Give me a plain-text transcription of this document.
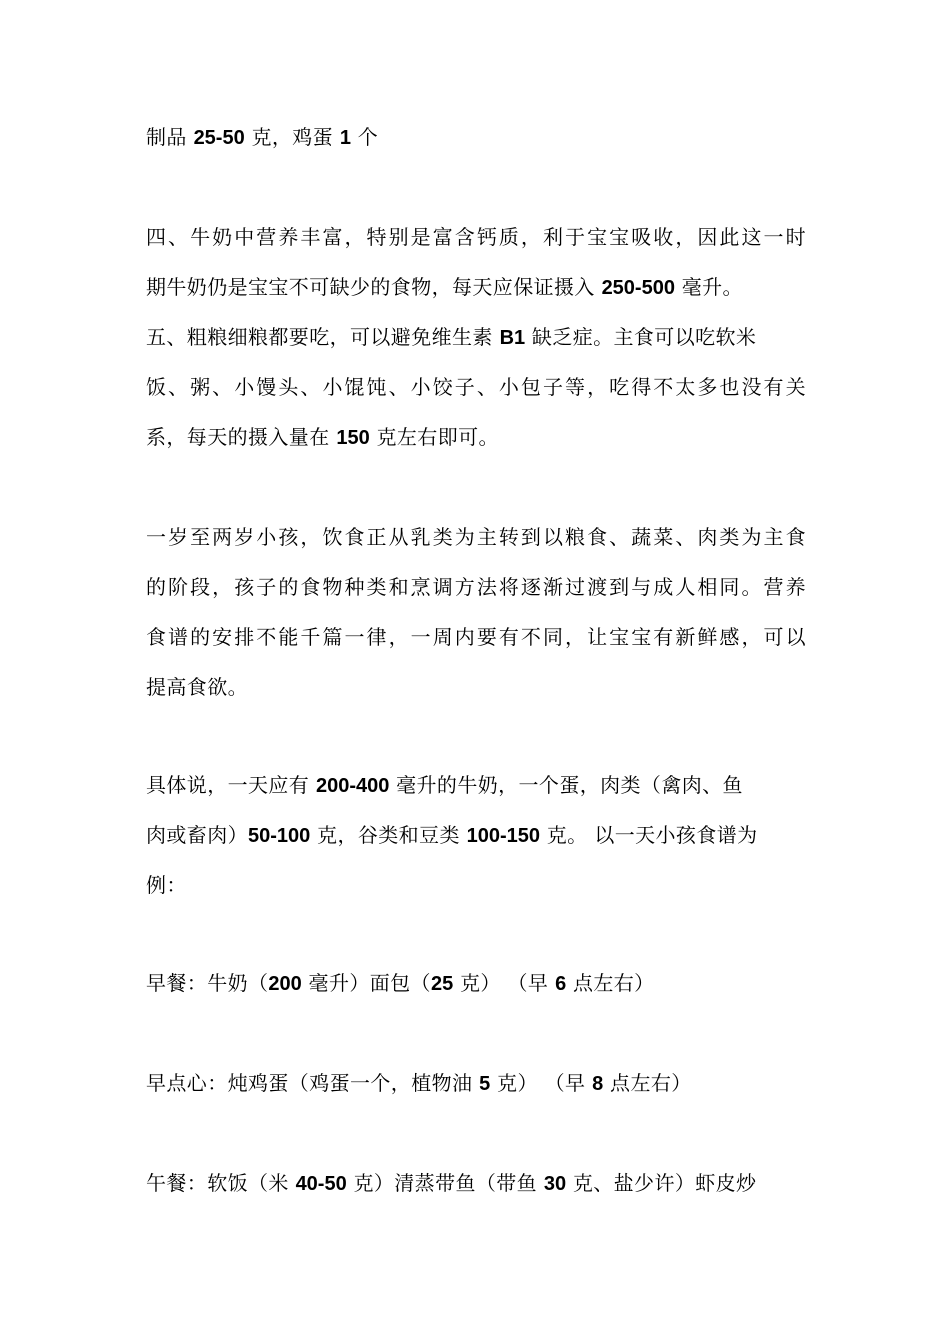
制品 25-50 克，鸡蛋 1 个
四、牛奶中营养丰富，特别是富含钙质，利于宝宝吸收，因此这一时
期牛奶仍是宝宝不可缺少的食物，每天应保证摄入 250-500 毫升。
五、粗粮细粮都要吃，可以避免维生素 B1 缺乏症。主食可以吃软米
饭、粥、小馒头、小馄饨、小饺子、小包子等，吃得不太多也没有关
系，每天的摄入量在 150 克左右即可。
一岁至两岁小孩，饮食正从乳类为主转到以粮食、蔬菜、肉类为主食
的阶段，孩子的食物种类和烹调方法将逐渐过渡到与成人相同。营养
食谱的安排不能千篇一律，一周内要有不同，让宝宝有新鲜感，可以
提高食欲。
具体说，一天应有 200-400 毫升的牛奶，一个蛋，肉类（禽肉、鱼
肉或畜肉）50-100 克，谷类和豆类 100-150 克。 以一天小孩食谱为
例：
早餐：牛奶（200 毫升）面包（25 克） （早 6 点左右）
早点心：炖鸡蛋（鸡蛋一个，植物油 5 克） （早 8 点左右）
午餐：软饭（米 40-50 克）清蒸带鱼（带鱼 30 克、盐少许）虾皮炒
